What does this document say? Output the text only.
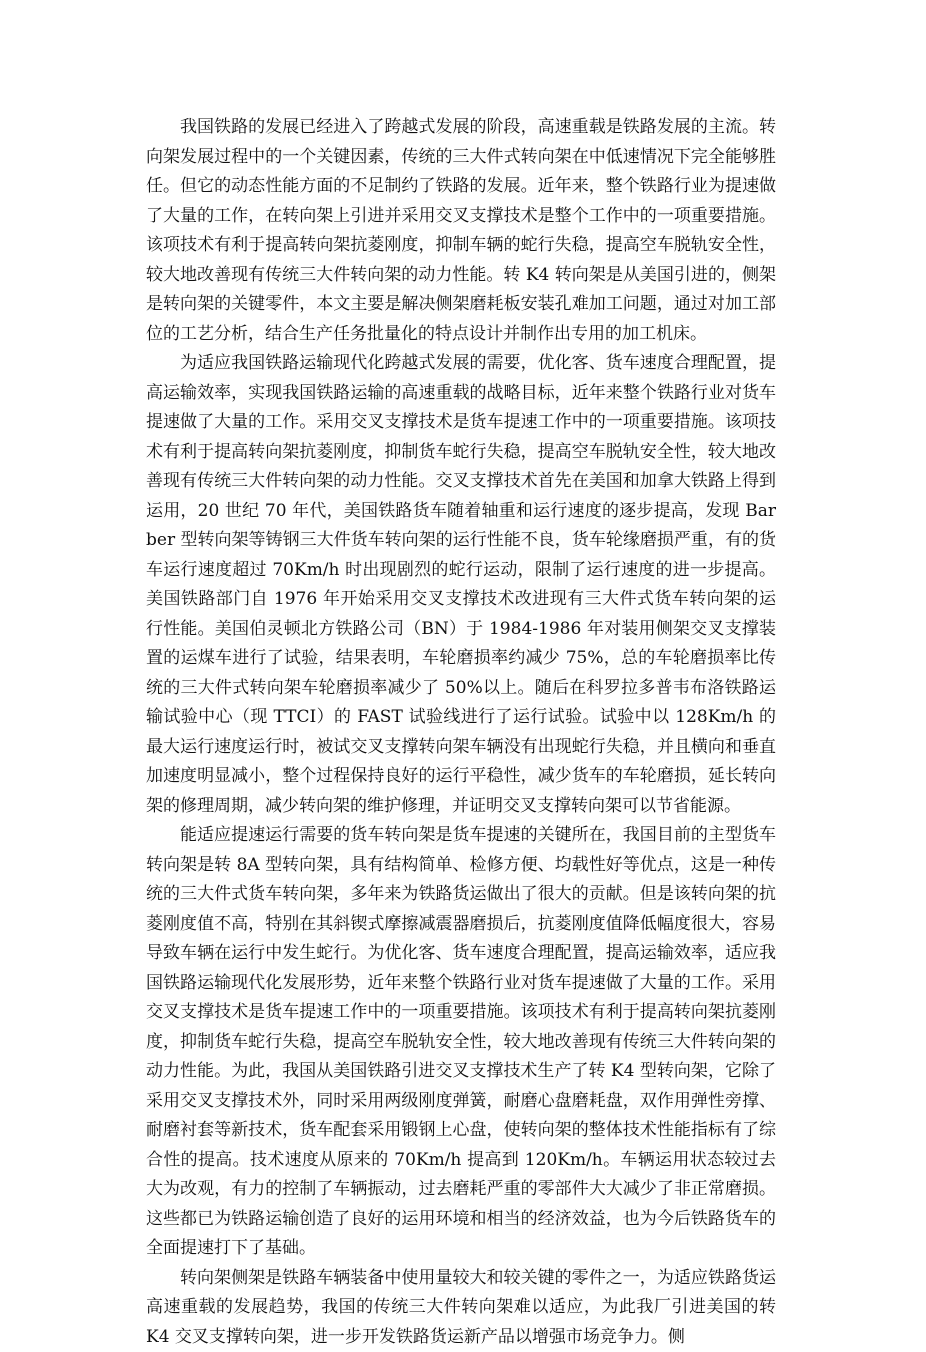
我国铁路的发展已经进入了跨越式发展的阶段，高速重载是铁路发展的主流。转向架发展过程中的一个关键因素，传统的三大件式转向架在中低速情况下完全能够胜任。但它的动态性能方面的不足制约了铁路的发展。近年来，整个铁路行业为提速做了大量的工作，在转向架上引进并采用交叉支撑技术是整个工作中的一项重要措施。该项技术有利于提高转向架抗菱刚度，抑制车辆的蛇行失稳，提高空车脱轨安全性，较大地改善现有传统三大件转向架的动力性能。转 K4 转向架是从美国引进的，侧架是转向架的关键零件，本文主要是解决侧架磨耗板安装孔难加工问题，通过对加工部位的工艺分析，结合生产任务批量化的特点设计并制作出专用的加工机床。

为适应我国铁路运输现代化跨越式发展的需要，优化客、货车速度合理配置，提高运输效率，实现我国铁路运输的高速重载的战略目标，近年来整个铁路行业对货车提速做了大量的工作。采用交叉支撑技术是货车提速工作中的一项重要措施。该项技术有利于提高转向架抗菱刚度，抑制货车蛇行失稳，提高空车脱轨安全性，较大地改善现有传统三大件转向架的动力性能。交叉支撑技术首先在美国和加拿大铁路上得到运用，20 世纪 70 年代，美国铁路货车随着轴重和运行速度的逐步提高，发现 Barber 型转向架等铸钢三大件货车转向架的运行性能不良，货车轮缘磨损严重，有的货车运行速度超过 70Km/h 时出现剧烈的蛇行运动，限制了运行速度的进一步提高。美国铁路部门自 1976 年开始采用交叉支撑技术改进现有三大件式货车转向架的运行性能。美国伯灵顿北方铁路公司（BN）于 1984-1986 年对装用侧架交叉支撑装置的运煤车进行了试验，结果表明，车轮磨损率约减少 75%，总的车轮磨损率比传统的三大件式转向架车轮磨损率减少了 50%以上。随后在科罗拉多普韦布洛铁路运输试验中心（现 TTCI）的 FAST 试验线进行了运行试验。试验中以 128Km/h 的最大运行速度运行时，被试交叉支撑转向架车辆没有出现蛇行失稳，并且横向和垂直加速度明显减小，整个过程保持良好的运行平稳性，减少货车的车轮磨损，延长转向架的修理周期，减少转向架的维护修理，并证明交叉支撑转向架可以节省能源。

能适应提速运行需要的货车转向架是货车提速的关键所在，我国目前的主型货车转向架是转 8A 型转向架，具有结构简单、检修方便、均载性好等优点，这是一种传统的三大件式货车转向架，多年来为铁路货运做出了很大的贡献。但是该转向架的抗菱刚度值不高，特别在其斜锲式摩擦减震器磨损后，抗菱刚度值降低幅度很大，容易导致车辆在运行中发生蛇行。为优化客、货车速度合理配置，提高运输效率，适应我国铁路运输现代化发展形势，近年来整个铁路行业对货车提速做了大量的工作。采用交叉支撑技术是货车提速工作中的一项重要措施。该项技术有利于提高转向架抗菱刚度，抑制货车蛇行失稳，提高空车脱轨安全性，较大地改善现有传统三大件转向架的动力性能。为此，我国从美国铁路引进交叉支撑技术生产了转 K4 型转向架，它除了采用交叉支撑技术外，同时采用两级刚度弹簧，耐磨心盘磨耗盘，双作用弹性旁撑、耐磨衬套等新技术，货车配套采用锻钢上心盘，使转向架的整体技术性能指标有了综合性的提高。技术速度从原来的 70Km/h 提高到 120Km/h。车辆运用状态较过去大为改观，有力的控制了车辆振动，过去磨耗严重的零部件大大减少了非正常磨损。这些都已为铁路运输创造了良好的运用环境和相当的经济效益，也为今后铁路货车的全面提速打下了基础。

转向架侧架是铁路车辆装备中使用量较大和较关键的零件之一，为适应铁路货运高速重载的发展趋势，我国的传统三大件转向架难以适应，为此我厂引进美国的转 K4 交叉支撑转向架，进一步开发铁路货运新产品以增强市场竞争力。侧
